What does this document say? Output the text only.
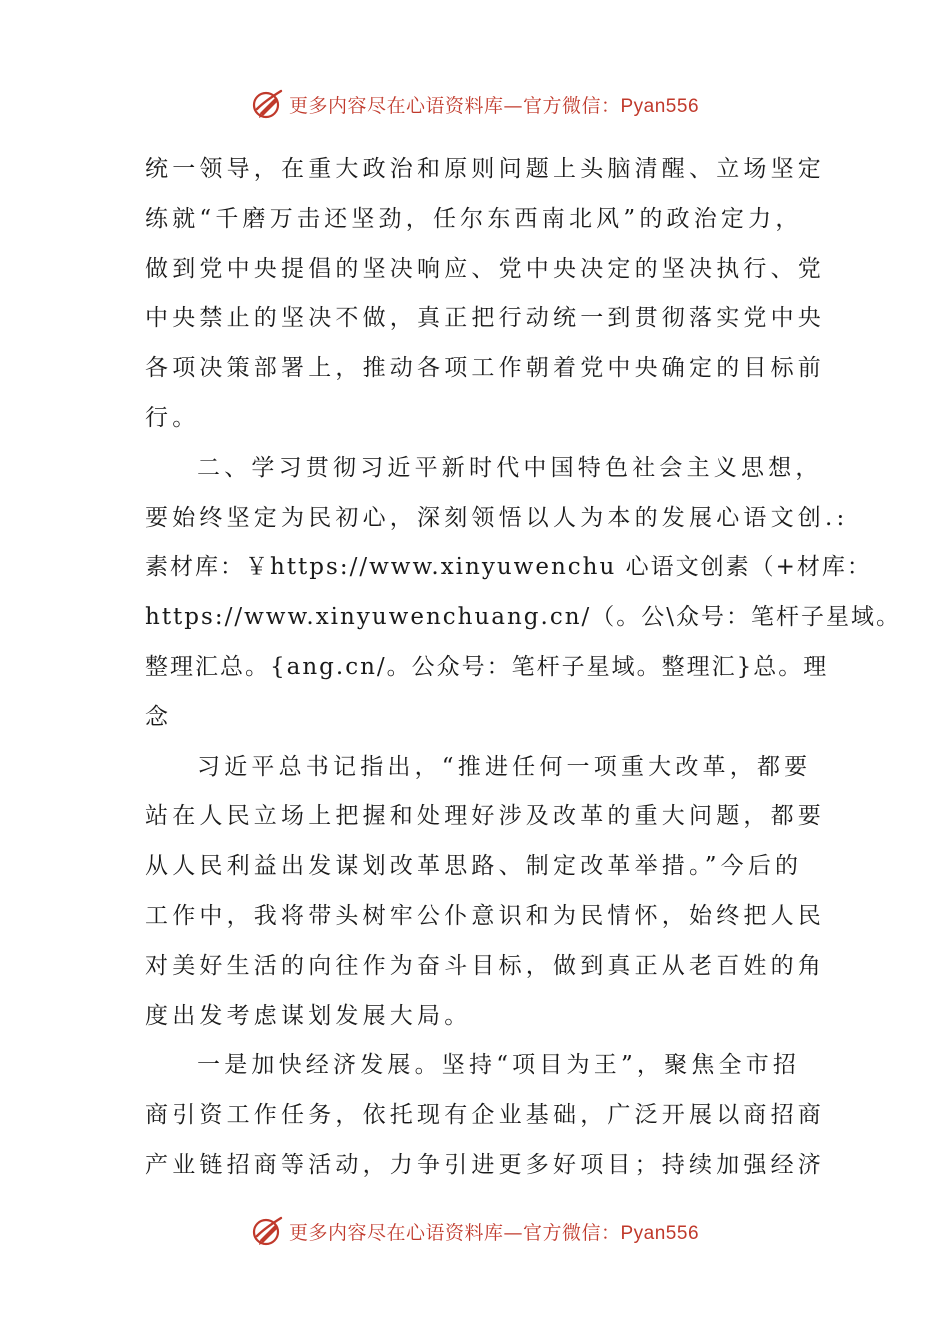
更多内容尽在心语资料库—官方微信：Pyan556
统一领导，在重大政治和原则问题上头脑清醒、立场坚定
练就“千磨万击还坚劲，任尔东西南北风”的政治定力，
做到党中央提倡的坚决响应、党中央决定的坚决执行、党
中央禁止的坚决不做，真正把行动统一到贯彻落实党中央
各项决策部署上，推动各项工作朝着党中央确定的目标前
行。
二、学习贯彻习近平新时代中国特色社会主义思想，
要始终坚定为民初心，深刻领悟以人为本的发展心语文创.:
素材库：￥https://www.xinyuwenchu 心语文创素（+材库：
https://www.xinyuwenchuang.cn/（。公\众号：笔杆子星域。
整理汇总。{ang.cn/。公众号：笔杆子星域。整理汇}总。理
念
习近平总书记指出，“推进任何一项重大改革，都要
站在人民立场上把握和处理好涉及改革的重大问题，都要
从人民利益出发谋划改革思路、制定改革举措。”今后的
工作中，我将带头树牢公仆意识和为民情怀，始终把人民
对美好生活的向往作为奋斗目标，做到真正从老百姓的角
度出发考虑谋划发展大局。
一是加快经济发展。坚持“项目为王”，聚焦全市招
商引资工作任务，依托现有企业基础，广泛开展以商招商
产业链招商等活动，力争引进更多好项目；持续加强经济
更多内容尽在心语资料库—官方微信：Pyan556
